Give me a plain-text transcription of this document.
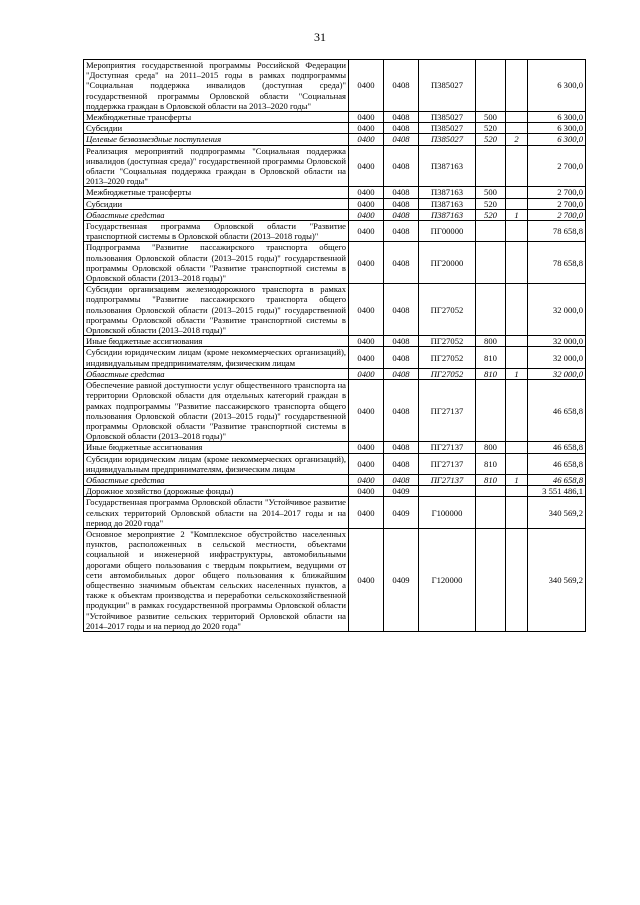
31
Мероприятия государственной программы Российской Федерации "Доступная среда" на 2011–2015 годы в рамках подпрограммы "Социальная поддержка инвалидов (доступная среда)" государственной программы Орловской области "Социальная поддержка граждан в Орловской области на 2013–2020 годы"	0400	0408	П385027			6 300,0
Межбюджетные трансферты	0400	0408	П385027	500		6 300,0
Субсидии	0400	0408	П385027	520		6 300,0
Целевые безвозмездные поступления	0400	0408	П385027	520	2	6 300,0
Реализация мероприятий подпрограммы "Социальная поддержка инвалидов (доступная среда)" государственной программы Орловской области "Социальная поддержка граждан в Орловской области на 2013–2020 годы"	0400	0408	П387163			2 700,0
Межбюджетные трансферты	0400	0408	П387163	500		2 700,0
Субсидии	0400	0408	П387163	520		2 700,0
Областные средства	0400	0408	П387163	520	1	2 700,0
Государственная программа Орловской области "Развитие транспортной системы в Орловской области (2013–2018 годы)"	0400	0408	ПГ00000			78 658,8
Подпрограмма "Развитие пассажирского транспорта общего пользования Орловской области (2013–2015 годы)" государственной программы Орловской области "Развитие транспортной системы в Орловской области (2013–2018 годы)"	0400	0408	ПГ20000			78 658,8
Субсидии организациям железнодорожного транспорта в рамках подпрограммы "Развитие пассажирского транспорта общего пользования Орловской области (2013–2015 годы)" государственной программы Орловской области "Развитие транспортной системы в Орловской области (2013–2018 годы)"	0400	0408	ПГ27052			32 000,0
Иные бюджетные ассигнования	0400	0408	ПГ27052	800		32 000,0
Субсидии юридическим лицам (кроме некоммерческих организаций), индивидуальным предпринимателям, физическим лицам	0400	0408	ПГ27052	810		32 000,0
Областные средства	0400	0408	ПГ27052	810	1	32 000,0
Обеспечение равной доступности услуг общественного транспорта на территории Орловской области для отдельных категорий граждан в рамках подпрограммы "Развитие пассажирского транспорта общего пользования Орловской области (2013–2015 годы)" государственной программы Орловской области "Развитие транспортной системы в Орловской области (2013–2018 годы)"	0400	0408	ПГ27137			46 658,8
Иные бюджетные ассигнования	0400	0408	ПГ27137	800		46 658,8
Субсидии юридическим лицам (кроме некоммерческих организаций), индивидуальным предпринимателям, физическим лицам	0400	0408	ПГ27137	810		46 658,8
Областные средства	0400	0408	ПГ27137	810	1	46 658,8
Дорожное хозяйство (дорожные фонды)	0400	0409				3 551 486,1
Государственная программа Орловской области "Устойчивое развитие сельских территорий Орловской области на 2014–2017 годы и на период до 2020 года"	0400	0409	Г100000			340 569,2
Основное мероприятие 2 "Комплексное обустройство населенных пунктов, расположенных в сельской местности, объектами социальной и инженерной инфраструктуры, автомобильными дорогами общего пользования с твердым покрытием, ведущими от сети автомобильных дорог общего пользования к ближайшим общественно значимым объектам сельских населенных пунктов, а также к объектам производства и переработки сельскохозяйственной продукции" в рамках государственной программы Орловской области "Устойчивое развитие сельских территорий Орловской области на 2014–2017 годы и на период до 2020 года"	0400	0409	Г120000			340 569,2
